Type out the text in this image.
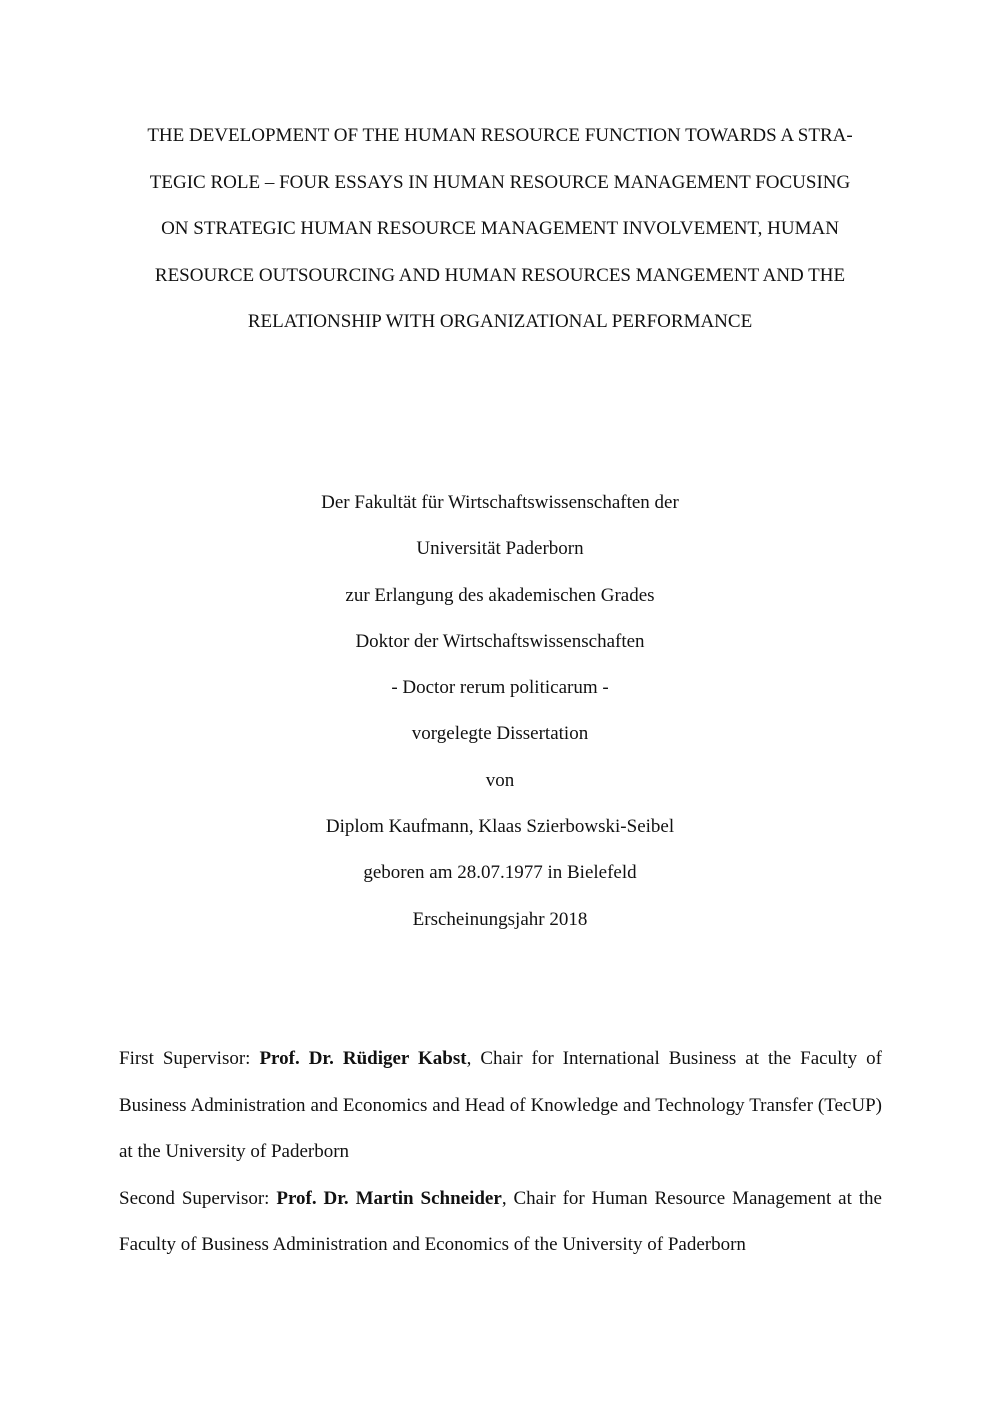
THE DEVELOPMENT OF THE HUMAN RESOURCE FUNCTION TOWARDS A STRA-
TEGIC ROLE – FOUR ESSAYS IN HUMAN RESOURCE MANAGEMENT FOCUSING
ON STRATEGIC HUMAN RESOURCE MANAGEMENT INVOLVEMENT, HUMAN
RESOURCE OUTSOURCING AND HUMAN RESOURCES MANGEMENT AND THE
RELATIONSHIP WITH ORGANIZATIONAL PERFORMANCE
Der Fakultät für Wirtschaftswissenschaften der
Universität Paderborn
zur Erlangung des akademischen Grades
Doktor der Wirtschaftswissenschaften
- Doctor rerum politicarum -
vorgelegte Dissertation
von
Diplom Kaufmann, Klaas Szierbowski-Seibel
geboren am 28.07.1977 in Bielefeld
Erscheinungsjahr 2018

First Supervisor: Prof. Dr. Rüdiger Kabst, Chair for International Business at the Faculty of Business Administration and Economics and Head of Knowledge and Technology Transfer (TecUP) at the University of Paderborn

Second Supervisor: Prof. Dr. Martin Schneider, Chair for Human Resource Management at the Faculty of Business Administration and Economics of the University of Paderborn
